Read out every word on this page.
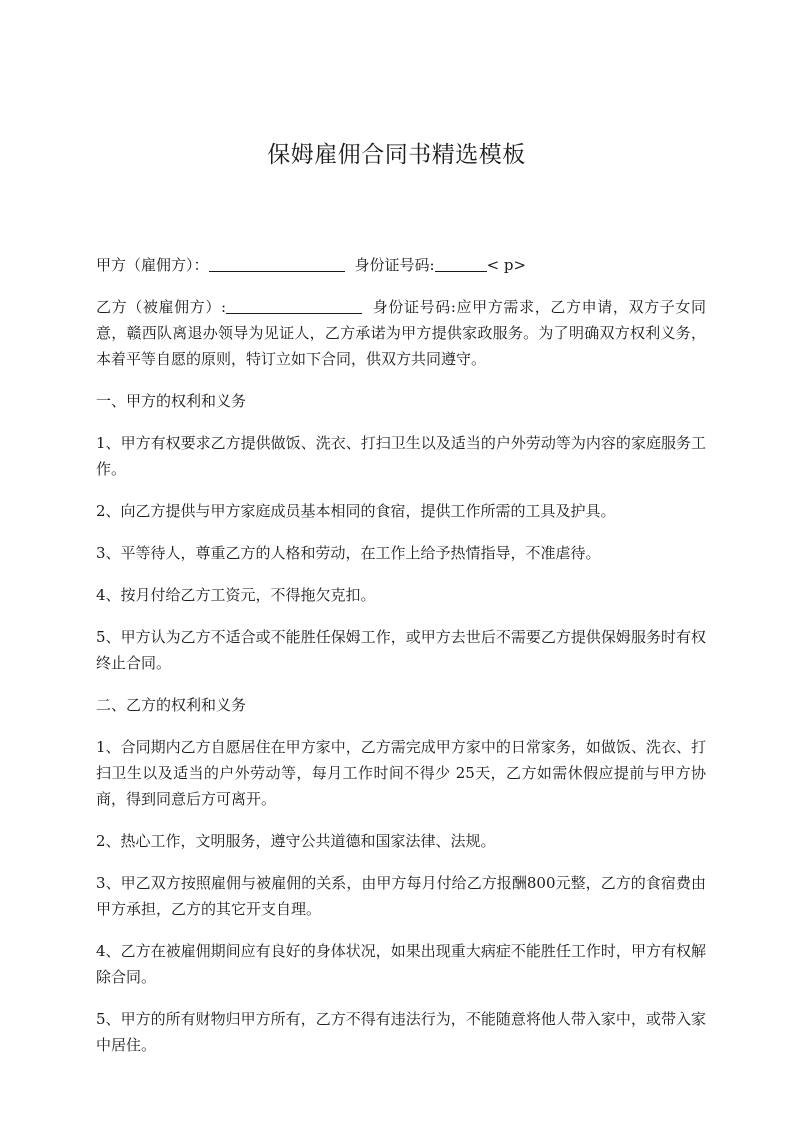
保姆雇佣合同书精选模板

甲方（雇佣方）：	身份证号码:	< p>

乙方（被雇佣方）:	身份证号码:应甲方需求，乙方申请，双方子女同意，赣西队离退办领导为见证人，乙方承诺为甲方提供家政服务。为了明确双方权利义务，本着平等自愿的原则，特订立如下合同，供双方共同遵守。

一、甲方的权利和义务

1、甲方有权要求乙方提供做饭、洗衣、打扫卫生以及适当的户外劳动等为内容的家庭服务工作。

2、向乙方提供与甲方家庭成员基本相同的食宿，提供工作所需的工具及护具。

3、平等待人，尊重乙方的人格和劳动，在工作上给予热情指导，不准虐待。

4、按月付给乙方工资元，不得拖欠克扣。

5、甲方认为乙方不适合或不能胜任保姆工作，或甲方去世后不需要乙方提供保姆服务时有权终止合同。

二、乙方的权利和义务

1、合同期内乙方自愿居住在甲方家中，乙方需完成甲方家中的日常家务，如做饭、洗衣、打扫卫生以及适当的户外劳动等，每月工作时间不得少 25天，乙方如需休假应提前与甲方协商，得到同意后方可离开。

2、热心工作，文明服务，遵守公共道德和国家法律、法规。

3、甲乙双方按照雇佣与被雇佣的关系，由甲方每月付给乙方报酬800元整，乙方的食宿费由甲方承担，乙方的其它开支自理。

4、乙方在被雇佣期间应有良好的身体状况，如果出现重大病症不能胜任工作时，甲方有权解除合同。

5、甲方的所有财物归甲方所有，乙方不得有违法行为，不能随意将他人带入家中，或带入家中居住。
